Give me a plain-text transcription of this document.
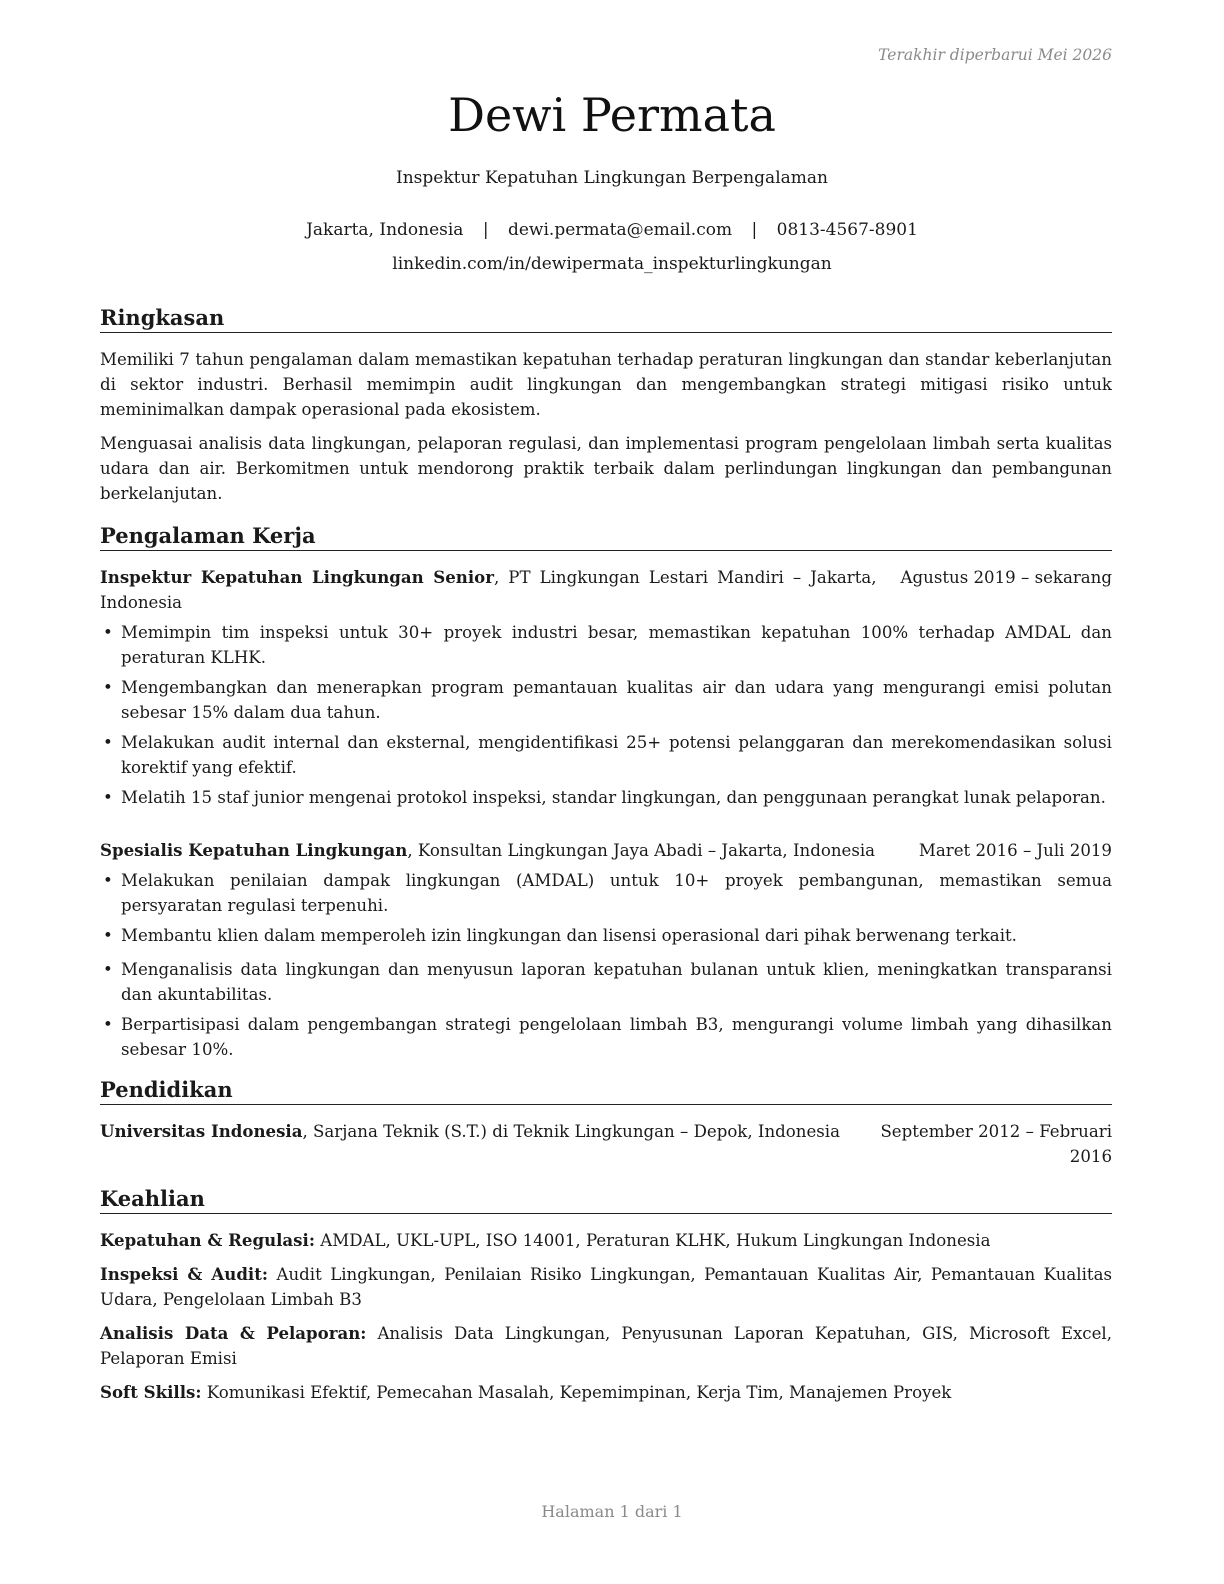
Terakhir diperbarui Mei 2026
Dewi Permata
Inspektur Kepatuhan Lingkungan Berpengalaman
Jakarta, Indonesia | dewi.permata@email.com | 0813-4567-8901
linkedin.com/in/dewipermata_inspekturlingkungan
Ringkasan

Memiliki 7 tahun pengalaman dalam memastikan kepatuhan terhadap peraturan lingkungan dan standar keberlanjutan di sektor industri. Berhasil memimpin audit lingkungan dan mengembangkan strategi mitigasi risiko untuk meminimalkan dampak operasional pada ekosistem.

Menguasai analisis data lingkungan, pelaporan regulasi, dan implementasi program pengelolaan limbah serta kualitas udara dan air. Berkomitmen untuk mendorong praktik terbaik dalam perlindungan lingkungan dan pembangunan berkelanjutan.

Pengalaman Kerja
Inspektur Kepatuhan Lingkungan Senior, PT Lingkungan Lestari Mandiri – Jakarta, Indonesia
Agustus 2019 – sekarang
• Memimpin tim inspeksi untuk 30+ proyek industri besar, memastikan kepatuhan 100% terhadap AMDAL dan peraturan KLHK.
• Mengembangkan dan menerapkan program pemantauan kualitas air dan udara yang mengurangi emisi polutan sebesar 15% dalam dua tahun.
• Melakukan audit internal dan eksternal, mengidentifikasi 25+ potensi pelanggaran dan merekomendasikan solusi korektif yang efektif.
• Melatih 15 staf junior mengenai protokol inspeksi, standar lingkungan, dan penggunaan perangkat lunak pelaporan.
Spesialis Kepatuhan Lingkungan, Konsultan Lingkungan Jaya Abadi – Jakarta, Indonesia	Maret 2016 – Juli 2019
• Melakukan penilaian dampak lingkungan (AMDAL) untuk 10+ proyek pembangunan, memastikan semua persyaratan regulasi terpenuhi.
• Membantu klien dalam memperoleh izin lingkungan dan lisensi operasional dari pihak berwenang terkait.
• Menganalisis data lingkungan dan menyusun laporan kepatuhan bulanan untuk klien, meningkatkan transparansi dan akuntabilitas.
• Berpartisipasi dalam pengembangan strategi pengelolaan limbah B3, mengurangi volume limbah yang dihasilkan sebesar 10%.
Pendidikan
Universitas Indonesia, Sarjana Teknik (S.T.) di Teknik Lingkungan – Depok, Indonesia September 2012 – Februari
2016
Keahlian
Kepatuhan & Regulasi: AMDAL, UKL-UPL, ISO 14001, Peraturan KLHK, Hukum Lingkungan Indonesia
Inspeksi & Audit: Audit Lingkungan, Penilaian Risiko Lingkungan, Pemantauan Kualitas Air, Pemantauan Kualitas Udara, Pengelolaan Limbah B3
Analisis Data & Pelaporan: Analisis Data Lingkungan, Penyusunan Laporan Kepatuhan, GIS, Microsoft Excel, Pelaporan Emisi
Soft Skills: Komunikasi Efektif, Pemecahan Masalah, Kepemimpinan, Kerja Tim, Manajemen Proyek
Halaman 1 dari 1
